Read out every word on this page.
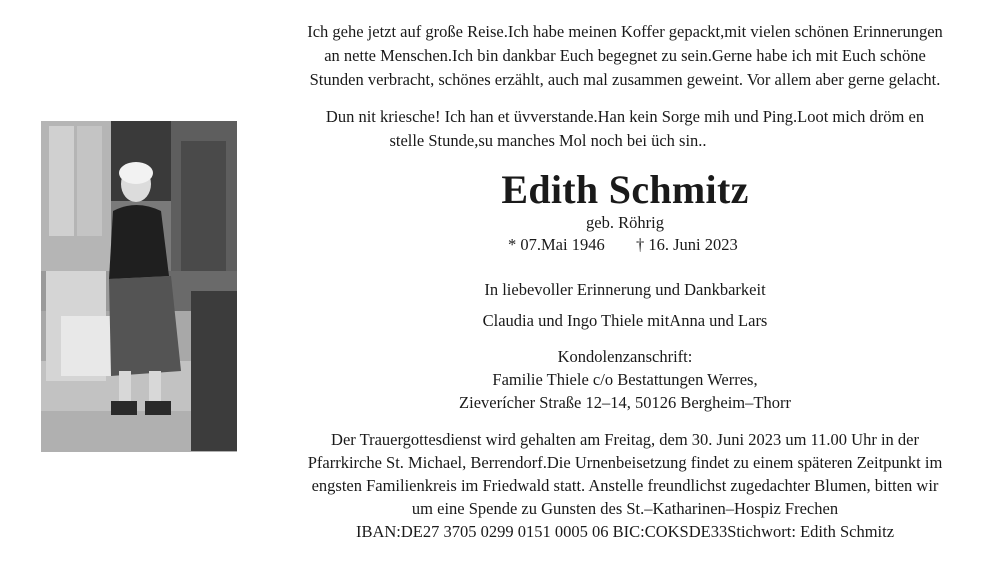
Ich gehe jetzt auf große Reise.Ich habe meinen Koffer gepackt,mit vielen schönen Erinnerungen
an nette Menschen.Ich bin dankbar Euch begegnet zu sein.Gerne habe ich mit Euch schöne
Stunden verbracht, schönes erzählt, auch mal zusammen geweint. Vor allem aber gerne gelacht.
Dun nit kriesche! Ich han et üvverstande.Han kein Sorge mih und Ping.Loot mich dröm en
stelle Stunde,su manches Mol noch bei üch sin..
Edith Schmitz
geb. Röhrig
* 07.Mai 1946 † 16. Juni 2023
In liebevoller Erinnerung und Dankbarkeit
Claudia und Ingo Thiele mitAnna und Lars
Kondolenzanschrift:
Familie Thiele c/o Bestattungen Werres,
Zieverícher Straße 12–14, 50126 Bergheim–Thorr
Der Trauergottesdienst wird gehalten am Freitag, dem 30. Juni 2023 um 11.00 Uhr in der
Pfarrkirche St. Michael, Berrendorf.Die Urnenbeisetzung findet zu einem späteren Zeitpunkt im
engsten Familienkreis im Friedwald statt. Anstelle freundlichst zugedachter Blumen, bitten wir
um eine Spende zu Gunsten des St.–Katharinen–Hospiz Frechen
IBAN:DE27 3705 0299 0151 0005 06 BIC:COKSDE33Stichwort: Edith Schmitz
